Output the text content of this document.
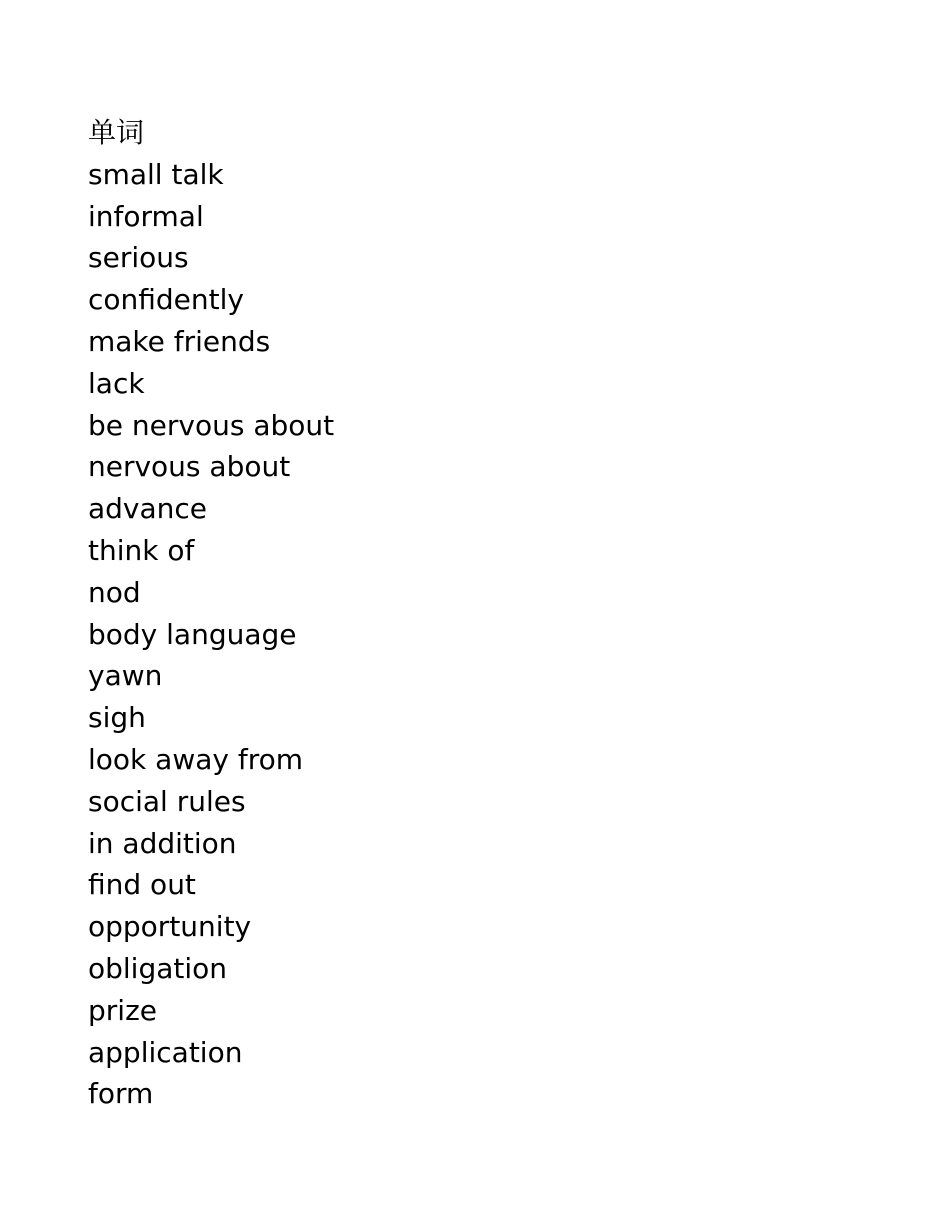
单词
small talk
informal
serious
confidently
make friends
lack
be nervous about
nervous about
advance
think of
nod
body language
yawn
sigh
look away from
social rules
in addition
find out
opportunity
obligation
prize
application
form
